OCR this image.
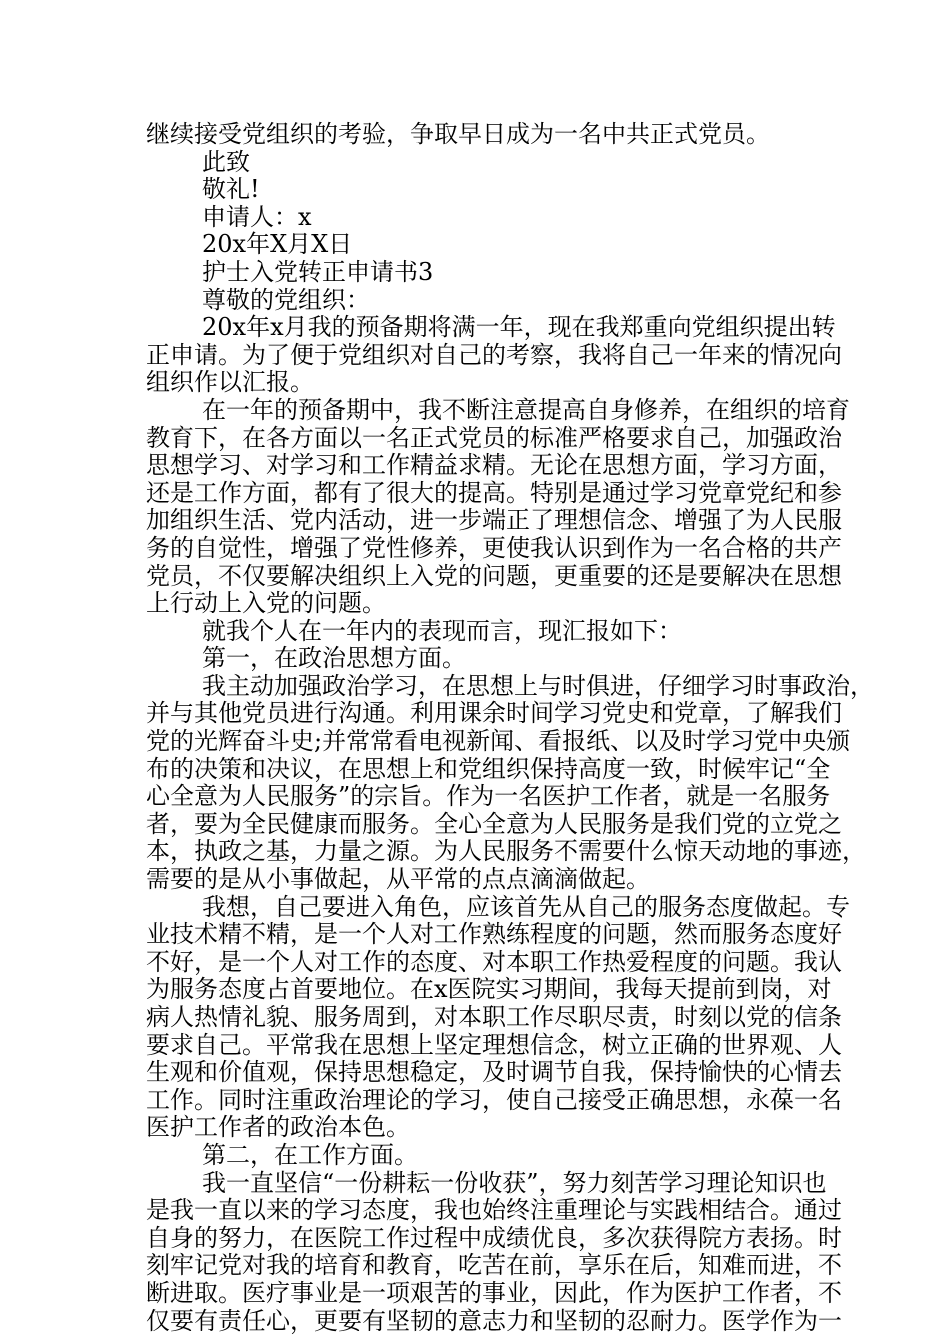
继续接受党组织的考验，争取早日成为一名中共正式党员。
此致
敬礼!
申请人：x
20x年X月X日
护士入党转正申请书3
尊敬的党组织：
20x年x月我的预备期将满一年，现在我郑重向党组织提出转
正申请。为了便于党组织对自己的考察，我将自己一年来的情况向
组织作以汇报。
在一年的预备期中，我不断注意提高自身修养，在组织的培育
教育下，在各方面以一名正式党员的标准严格要求自己，加强政治
思想学习、对学习和工作精益求精。无论在思想方面，学习方面，
还是工作方面，都有了很大的提高。特别是通过学习党章党纪和参
加组织生活、党内活动，进一步端正了理想信念、增强了为人民服
务的自觉性，增强了党性修养，更使我认识到作为一名合格的共产
党员，不仅要解决组织上入党的问题，更重要的还是要解决在思想
上行动上入党的问题。
就我个人在一年内的表现而言，现汇报如下：
第一，在政治思想方面。
我主动加强政治学习，在思想上与时俱进，仔细学习时事政治，
并与其他党员进行沟通。利用课余时间学习党史和党章，了解我们
党的光辉奋斗史;并常常看电视新闻、看报纸、以及时学习党中央颁
布的决策和决议，在思想上和党组织保持高度一致，时候牢记“全
心全意为人民服务”的宗旨。作为一名医护工作者，就是一名服务
者，要为全民健康而服务。全心全意为人民服务是我们党的立党之
本，执政之基，力量之源。为人民服务不需要什么惊天动地的事迹，
需要的是从小事做起，从平常的点点滴滴做起。
我想，自己要进入角色，应该首先从自己的服务态度做起。专
业技术精不精，是一个人对工作熟练程度的问题，然而服务态度好
不好，是一个人对工作的态度、对本职工作热爱程度的问题。我认
为服务态度占首要地位。在x医院实习期间，我每天提前到岗，对
病人热情礼貌、服务周到，对本职工作尽职尽责，时刻以党的信条
要求自己。平常我在思想上坚定理想信念，树立正确的世界观、人
生观和价值观，保持思想稳定，及时调节自我，保持愉快的心情去
工作。同时注重政治理论的学习，使自己接受正确思想，永葆一名
医护工作者的政治本色。
第二，在工作方面。
我一直坚信“一份耕耘一份收获”，努力刻苦学习理论知识也
是我一直以来的学习态度，我也始终注重理论与实践相结合。通过
自身的努力，在医院工作过程中成绩优良，多次获得院方表扬。时
刻牢记党对我的培育和教育，吃苦在前，享乐在后，知难而进，不
断进取。医疗事业是一项艰苦的事业，因此，作为医护工作者，不
仅要有责任心，更要有坚韧的意志力和坚韧的忍耐力。医学作为一
